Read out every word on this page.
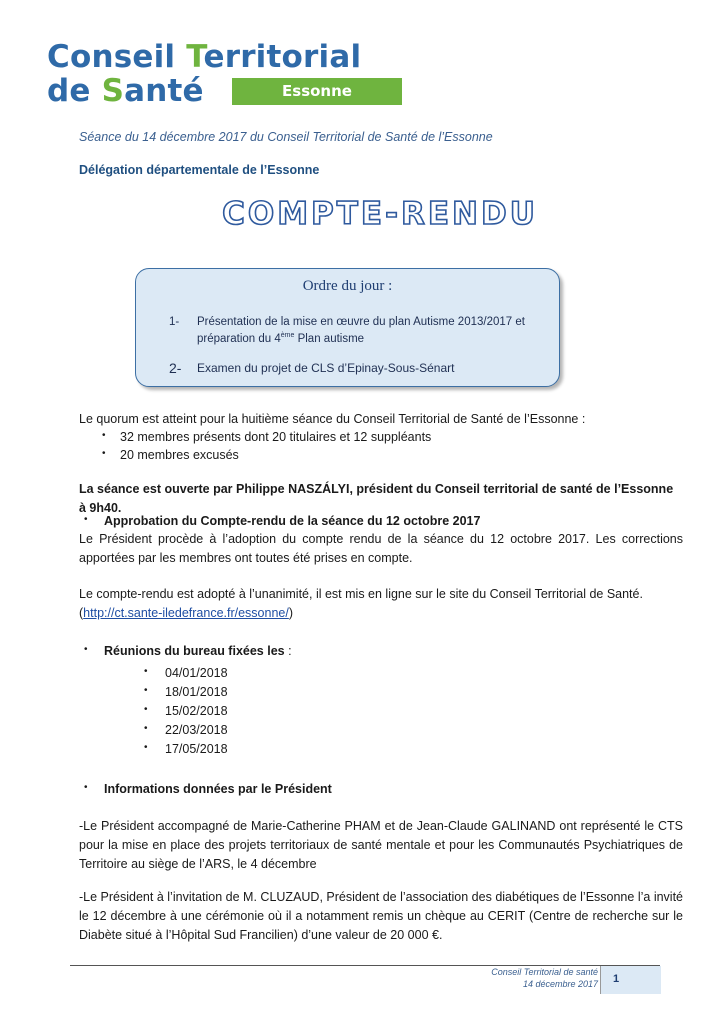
Conseil Territorial
de Santé	Essonne
Séance du 14 décembre 2017 du Conseil Territorial de Santé de l’Essonne
Délégation départementale de l’Essonne
COMPTE-RENDU
Ordre du jour :
1- Présentation de la mise en œuvre du plan Autisme 2013/2017 et préparation du 4ème Plan autisme
2- Examen du projet de CLS d’Epinay-Sous-Sénart
Le quorum est atteint pour la huitième séance du Conseil Territorial de Santé de l’Essonne :
• 32 membres présents dont 20 titulaires et 12 suppléants
• 20 membres excusés
La séance est ouverte par Philippe NASZÁLYI, président du Conseil territorial de santé de l’Essonne à 9h40.
• Approbation du Compte-rendu de la séance du 12 octobre 2017
Le Président procède à l’adoption du compte rendu de la séance du 12 octobre 2017. Les corrections apportées par les membres ont toutes été prises en compte.
Le compte-rendu est adopté à l’unanimité, il est mis en ligne sur le site du Conseil Territorial de Santé.
(http://ct.sante-iledefrance.fr/essonne/)
• Réunions du bureau fixées les :
• 04/01/2018
• 18/01/2018
• 15/02/2018
• 22/03/2018
• 17/05/2018
• Informations données par le Président
-Le Président accompagné de Marie-Catherine PHAM et de Jean-Claude GALINAND ont représenté le CTS pour la mise en place des projets territoriaux de santé mentale et pour les Communautés Psychiatriques de Territoire au siège de l’ARS, le 4 décembre
-Le Président à l’invitation de M. CLUZAUD, Président de l’association des diabétiques de l’Essonne l’a invité le 12 décembre à une cérémonie où il a notamment remis un chèque au CERIT (Centre de recherche sur le Diabète situé à l’Hôpital Sud Francilien) d’une valeur de 20 000 €.
Conseil Territorial de santé
14 décembre 2017 1
